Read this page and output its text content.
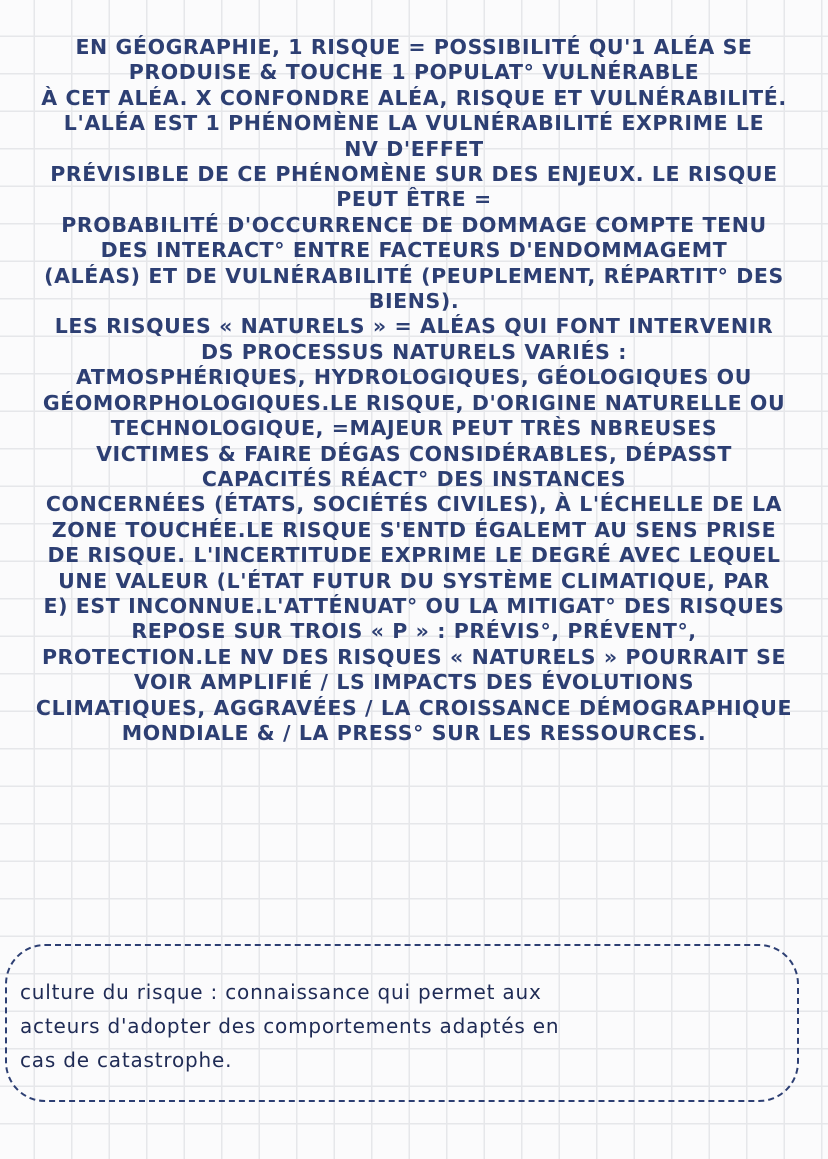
EN GÉOGRAPHIE, 1 RISQUE = POSSIBILITÉ QU'1 ALÉA SE
PRODUISE & TOUCHE 1 POPULAT° VULNÉRABLE
À CET ALÉA. X CONFONDRE ALÉA, RISQUE ET VULNÉRABILITÉ.
L'ALÉA EST 1 PHÉNOMÈNE LA VULNÉRABILITÉ EXPRIME LE
NV D'EFFET
PRÉVISIBLE DE CE PHÉNOMÈNE SUR DES ENJEUX. LE RISQUE
PEUT ÊTRE =
PROBABILITÉ D'OCCURRENCE DE DOMMAGE COMPTE TENU
DES INTERACT° ENTRE FACTEURS D'ENDOMMAGEMT
(ALÉAS) ET DE VULNÉRABILITÉ (PEUPLEMENT, RÉPARTIT° DES
BIENS).
LES RISQUES « NATURELS » = ALÉAS QUI FONT INTERVENIR
DS PROCESSUS NATURELS VARIÉS :
ATMOSPHÉRIQUES, HYDROLOGIQUES, GÉOLOGIQUES OU
GÉOMORPHOLOGIQUES.LE RISQUE, D'ORIGINE NATURELLE OU
TECHNOLOGIQUE, =MAJEUR PEUT TRÈS NBREUSES
VICTIMES & FAIRE DÉGAS CONSIDÉRABLES, DÉPASST
CAPACITÉS RÉACT° DES INSTANCES
CONCERNÉES (ÉTATS, SOCIÉTÉS CIVILES), À L'ÉCHELLE DE LA
ZONE TOUCHÉE.LE RISQUE S'ENTD ÉGALEMT AU SENS PRISE
DE RISQUE. L'INCERTITUDE EXPRIME LE DEGRÉ AVEC LEQUEL
UNE VALEUR (L'ÉTAT FUTUR DU SYSTÈME CLIMATIQUE, PAR
E) EST INCONNUE.L'ATTÉNUAT° OU LA MITIGAT° DES RISQUES
REPOSE SUR TROIS « P » : PRÉVIS°, PRÉVENT°,
PROTECTION.LE NV DES RISQUES « NATURELS » POURRAIT SE
VOIR AMPLIFIÉ / LS IMPACTS DES ÉVOLUTIONS
CLIMATIQUES, AGGRAVÉES / LA CROISSANCE DÉMOGRAPHIQUE
MONDIALE & / LA PRESS° SUR LES RESSOURCES.
culture du risque : connaissance qui permet aux
acteurs d'adopter des comportements adaptés en
cas de catastrophe.
